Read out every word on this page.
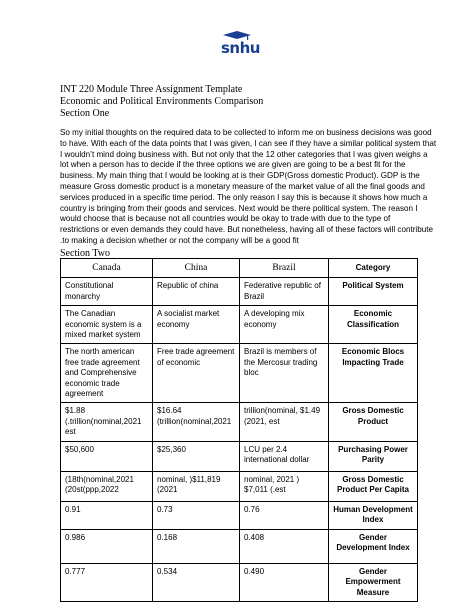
snhu
INT 220 Module Three Assignment Template
Economic and Political Environments Comparison
Section One
So my initial thoughts on the required data to be collected to inform me on business decisions was good
to have. With each of the data points that I was given, I can see if they have a similar political system that
I wouldn’t mind doing business with. But not only that the 12 other categories that I was given weighs a
lot when a person has to decide if the three options we are given are going to be a best fit for the
business. My main thing that I would be looking at is their GDP(Gross domestic Product). GDP is the
measure Gross domestic product is a monetary measure of the market value of all the final goods and
services produced in a specific time period. The only reason I say this is because it shows how much a
country is bringing from their goods and services. Next would be there political system. The reason I
would choose that is because not all countries would be okay to trade with due to the type of
restrictions or even demands they could have. But nonetheless, having all of these factors will contribute
.to making a decision whether or not the company will be a good fit
Section Two
Canada	China	Brazil	Category
Constitutional monarchy	Republic of china	Federative republic of Brazil	Political System
The Canadian economic system is a mixed market system	A socialist market economy	A developing mix economy	Economic Classification
The north american free trade agreement and Comprehensive economic trade agreement	Free trade agreement of economic	Brazil is members of the Mercosur trading bloc	Economic Blocs Impacting Trade
$1.88 (.trillion(nominal,2021 est	$16.64 (trillion(nominal,2021	trillion(nominal, $1.49 (2021, est	Gross Domestic Product
$50,600	$25,360	LCU per 2.4 international dollar	Purchasing Power Parity
(18th(nominal,2021 (20st(ppp,2022	nominal, )$11,819 (2021	nominal, 2021 ) $7,011 (.est	Gross Domestic Product Per Capita
0.91	0.73	0.76	Human Development Index
0.986	0.168	0.408	Gender Development Index
0.777	0.534	0.490	Gender Empowerment Measure
